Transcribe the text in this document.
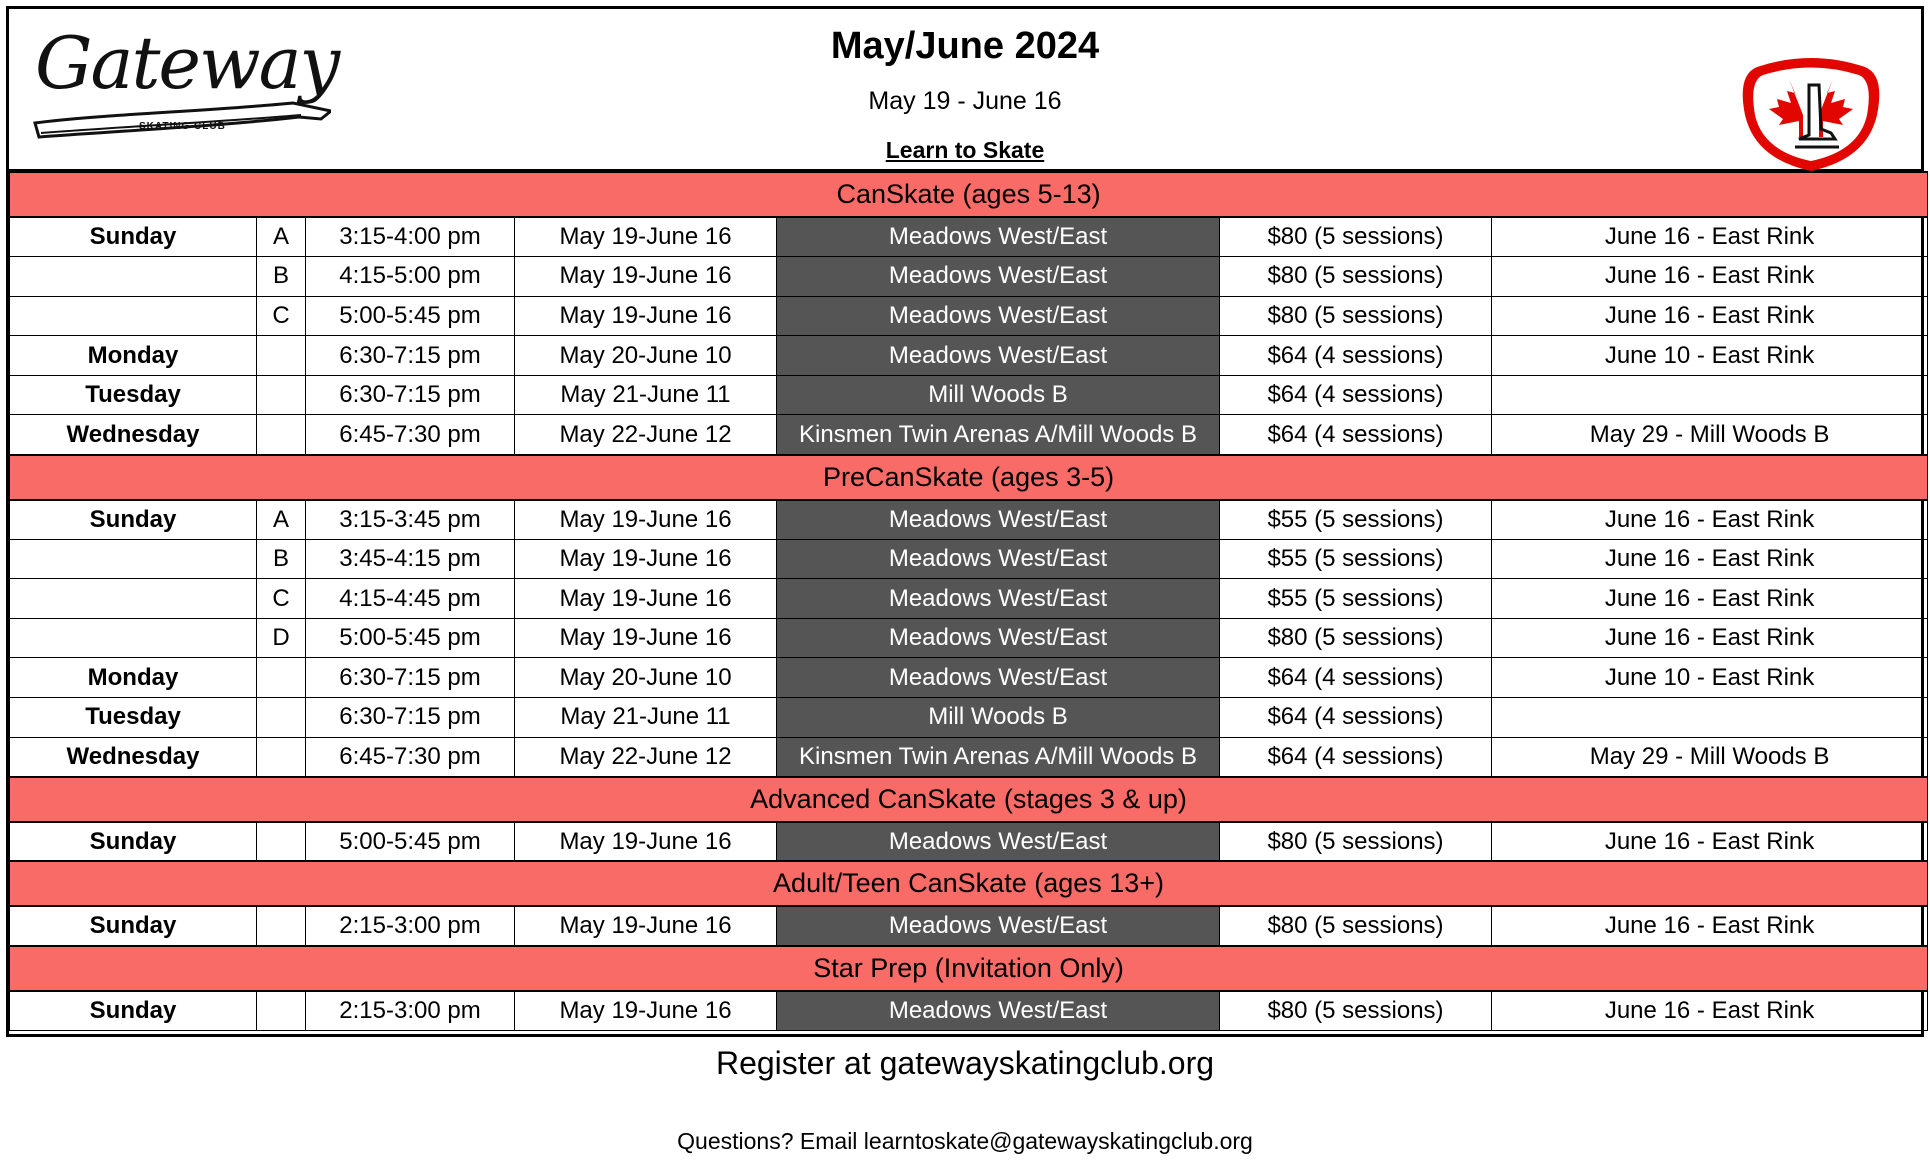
Gateway
SKATING CLUB
May/June 2024
May 19 - June 16
Learn to Skate
CanSkate (ages 5-13)						
Sunday	A	3:15-4:00 pm	May 19-June 16	Meadows West/East	$80 (5 sessions)	June 16 - East Rink
	B	4:15-5:00 pm	May 19-June 16	Meadows West/East	$80 (5 sessions)	June 16 - East Rink
	C	5:00-5:45 pm	May 19-June 16	Meadows West/East	$80 (5 sessions)	June 16 - East Rink
Monday		6:30-7:15 pm	May 20-June 10	Meadows West/East	$64 (4 sessions)	June 10 - East Rink
Tuesday		6:30-7:15 pm	May 21-June 11	Mill Woods B	$64 (4 sessions)	
Wednesday		6:45-7:30 pm	May 22-June 12	Kinsmen Twin Arenas A/Mill Woods B	$64 (4 sessions)	May 29 - Mill Woods B
PreCanSkate (ages 3-5)						
Sunday	A	3:15-3:45 pm	May 19-June 16	Meadows West/East	$55 (5 sessions)	June 16 - East Rink
	B	3:45-4:15 pm	May 19-June 16	Meadows West/East	$55 (5 sessions)	June 16 - East Rink
	C	4:15-4:45 pm	May 19-June 16	Meadows West/East	$55 (5 sessions)	June 16 - East Rink
	D	5:00-5:45 pm	May 19-June 16	Meadows West/East	$80 (5 sessions)	June 16 - East Rink
Monday		6:30-7:15 pm	May 20-June 10	Meadows West/East	$64 (4 sessions)	June 10 - East Rink
Tuesday		6:30-7:15 pm	May 21-June 11	Mill Woods B	$64 (4 sessions)	
Wednesday		6:45-7:30 pm	May 22-June 12	Kinsmen Twin Arenas A/Mill Woods B	$64 (4 sessions)	May 29 - Mill Woods B
Advanced CanSkate (stages 3 & up)						
Sunday		5:00-5:45 pm	May 19-June 16	Meadows West/East	$80 (5 sessions)	June 16 - East Rink
Adult/Teen CanSkate (ages 13+)						
Sunday		2:15-3:00 pm	May 19-June 16	Meadows West/East	$80 (5 sessions)	June 16 - East Rink
Star Prep (Invitation Only)						
Sunday		2:15-3:00 pm	May 19-June 16	Meadows West/East	$80 (5 sessions)	June 16 - East Rink
Register at gatewayskatingclub.org
Questions? Email learntoskate@gatewayskatingclub.org
